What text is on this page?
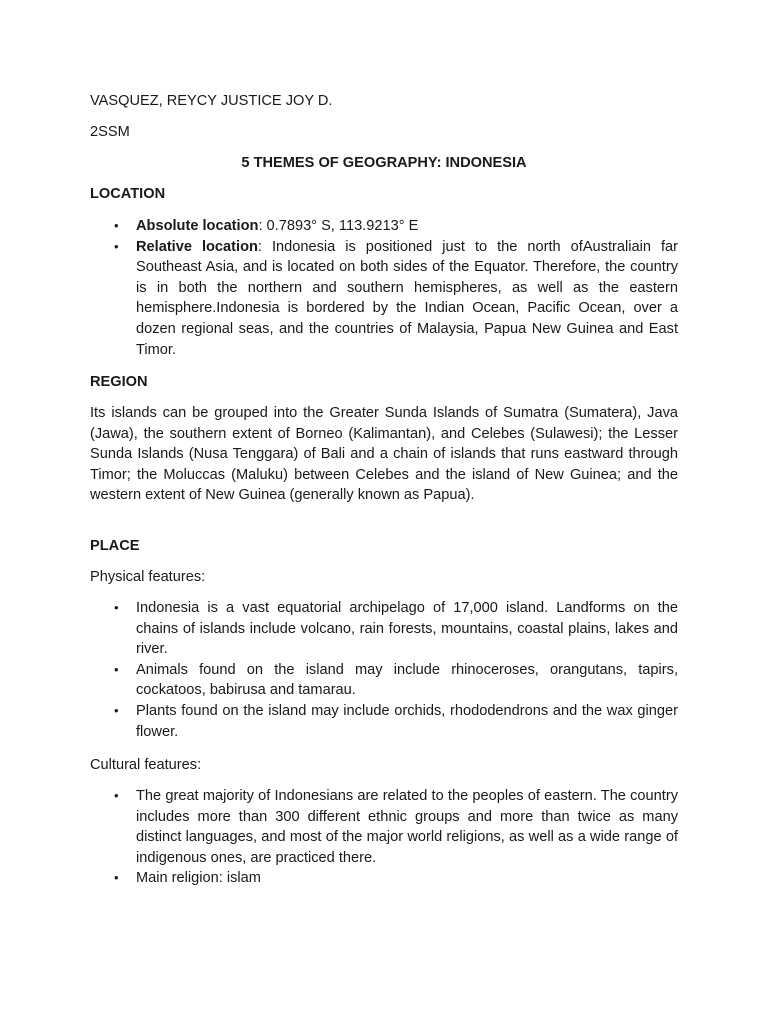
VASQUEZ, REYCY JUSTICE JOY D.

2SSM

5 THEMES OF GEOGRAPHY: INDONESIA

LOCATION

• Absolute location: 0.7893° S, 113.9213° E
• Relative location: Indonesia is positioned just to the north ofAustraliain far Southeast Asia, and is located on both sides of the Equator. Therefore, the country is in both the northern and southern hemispheres, as well as the eastern hemisphere.Indonesia is bordered by the Indian Ocean, Pacific Ocean, over a dozen regional seas, and the countries of Malaysia, Papua New Guinea and East Timor.

REGION

Its islands can be grouped into the Greater Sunda Islands of Sumatra (Sumatera), Java (Jawa), the southern extent of Borneo (Kalimantan), and Celebes (Sulawesi); the Lesser Sunda Islands (Nusa Tenggara) of Bali and a chain of islands that runs eastward through Timor; the Moluccas (Maluku) between Celebes and the island of New Guinea; and the western extent of New Guinea (generally known as Papua).

PLACE

Physical features:

• Indonesia is a vast equatorial archipelago of 17,000 island. Landforms on the chains of islands include volcano, rain forests, mountains, coastal plains, lakes and river.
• Animals found on the island may include rhinoceroses, orangutans, tapirs, cockatoos, babirusa and tamarau.
• Plants found on the island may include orchids, rhododendrons and the wax ginger flower.

Cultural features:

• The great majority of Indonesians are related to the peoples of eastern. The country includes more than 300 different ethnic groups and more than twice as many distinct languages, and most of the major world religions, as well as a wide range of indigenous ones, are practiced there.
• Main religion: islam
